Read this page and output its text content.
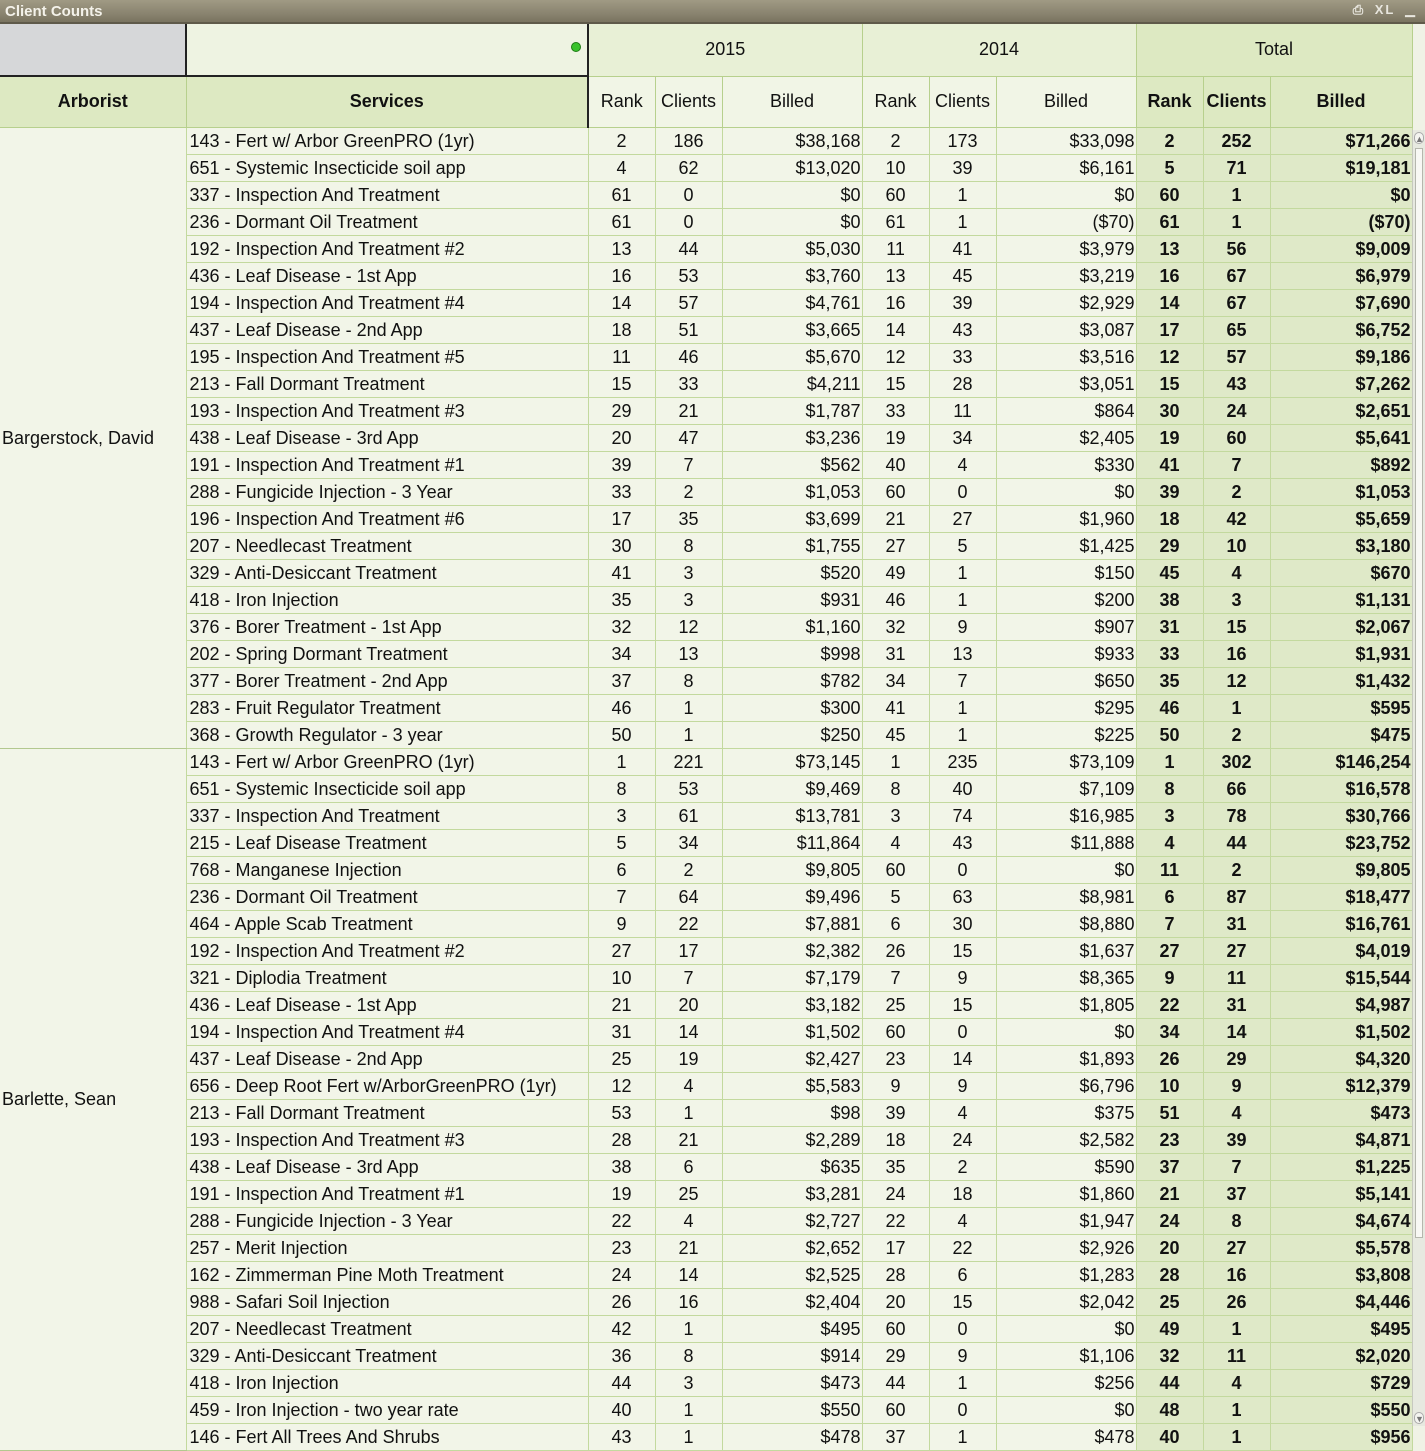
Client Counts	⎙ XL ▁

	2015			2014			Total		
Arborist	Services	Rank	Clients	Billed	Rank	Clients	Billed	Rank	Clients	Billed
Bargerstock, David	143 - Fert w/ Arbor GreenPRO (1yr)	2	186	$38,168	2	173	$33,098	2	252	$71,266
	651 - Systemic Insecticide soil app	4	62	$13,020	10	39	$6,161	5	71	$19,181
	337 - Inspection And Treatment	61	0	$0	60	1	$0	60	1	$0
	236 - Dormant Oil Treatment	61	0	$0	61	1	($70)	61	1	($70)
	192 - Inspection And Treatment #2	13	44	$5,030	11	41	$3,979	13	56	$9,009
	436 - Leaf Disease - 1st App	16	53	$3,760	13	45	$3,219	16	67	$6,979
	194 - Inspection And Treatment #4	14	57	$4,761	16	39	$2,929	14	67	$7,690
	437 - Leaf Disease - 2nd App	18	51	$3,665	14	43	$3,087	17	65	$6,752
	195 - Inspection And Treatment #5	11	46	$5,670	12	33	$3,516	12	57	$9,186
	213 - Fall Dormant Treatment	15	33	$4,211	15	28	$3,051	15	43	$7,262
	193 - Inspection And Treatment #3	29	21	$1,787	33	11	$864	30	24	$2,651
	438 - Leaf Disease - 3rd App	20	47	$3,236	19	34	$2,405	19	60	$5,641
	191 - Inspection And Treatment #1	39	7	$562	40	4	$330	41	7	$892
	288 - Fungicide Injection - 3 Year	33	2	$1,053	60	0	$0	39	2	$1,053
	196 - Inspection And Treatment #6	17	35	$3,699	21	27	$1,960	18	42	$5,659
	207 - Needlecast Treatment	30	8	$1,755	27	5	$1,425	29	10	$3,180
	329 - Anti-Desiccant Treatment	41	3	$520	49	1	$150	45	4	$670
	418 - Iron Injection	35	3	$931	46	1	$200	38	3	$1,131
	376 - Borer Treatment - 1st App	32	12	$1,160	32	9	$907	31	15	$2,067
	202 - Spring Dormant Treatment	34	13	$998	31	13	$933	33	16	$1,931
	377 - Borer Treatment - 2nd App	37	8	$782	34	7	$650	35	12	$1,432
	283 - Fruit Regulator Treatment	46	1	$300	41	1	$295	46	1	$595
	368 - Growth Regulator - 3 year	50	1	$250	45	1	$225	50	2	$475
Barlette, Sean	143 - Fert w/ Arbor GreenPRO (1yr)	1	221	$73,145	1	235	$73,109	1	302	$146,254
	651 - Systemic Insecticide soil app	8	53	$9,469	8	40	$7,109	8	66	$16,578
	337 - Inspection And Treatment	3	61	$13,781	3	74	$16,985	3	78	$30,766
	215 - Leaf Disease Treatment	5	34	$11,864	4	43	$11,888	4	44	$23,752
	768 - Manganese Injection	6	2	$9,805	60	0	$0	11	2	$9,805
	236 - Dormant Oil Treatment	7	64	$9,496	5	63	$8,981	6	87	$18,477
	464 - Apple Scab Treatment	9	22	$7,881	6	30	$8,880	7	31	$16,761
	192 - Inspection And Treatment #2	27	17	$2,382	26	15	$1,637	27	27	$4,019
	321 - Diplodia Treatment	10	7	$7,179	7	9	$8,365	9	11	$15,544
	436 - Leaf Disease - 1st App	21	20	$3,182	25	15	$1,805	22	31	$4,987
	194 - Inspection And Treatment #4	31	14	$1,502	60	0	$0	34	14	$1,502
	437 - Leaf Disease - 2nd App	25	19	$2,427	23	14	$1,893	26	29	$4,320
	656 - Deep Root Fert w/ArborGreenPRO (1yr)	12	4	$5,583	9	9	$6,796	10	9	$12,379
	213 - Fall Dormant Treatment	53	1	$98	39	4	$375	51	4	$473
	193 - Inspection And Treatment #3	28	21	$2,289	18	24	$2,582	23	39	$4,871
	438 - Leaf Disease - 3rd App	38	6	$635	35	2	$590	37	7	$1,225
	191 - Inspection And Treatment #1	19	25	$3,281	24	18	$1,860	21	37	$5,141
	288 - Fungicide Injection - 3 Year	22	4	$2,727	22	4	$1,947	24	8	$4,674
	257 - Merit Injection	23	21	$2,652	17	22	$2,926	20	27	$5,578
	162 - Zimmerman Pine Moth Treatment	24	14	$2,525	28	6	$1,283	28	16	$3,808
	988 - Safari Soil Injection	26	16	$2,404	20	15	$2,042	25	26	$4,446
	207 - Needlecast Treatment	42	1	$495	60	0	$0	49	1	$495
	329 - Anti-Desiccant Treatment	36	8	$914	29	9	$1,106	32	11	$2,020
	418 - Iron Injection	44	3	$473	44	1	$256	44	4	$729
	459 - Iron Injection - two year rate	40	1	$550	60	0	$0	48	1	$550
	146 - Fert All Trees And Shrubs	43	1	$478	37	1	$478	40	1	$956
▲
▼
